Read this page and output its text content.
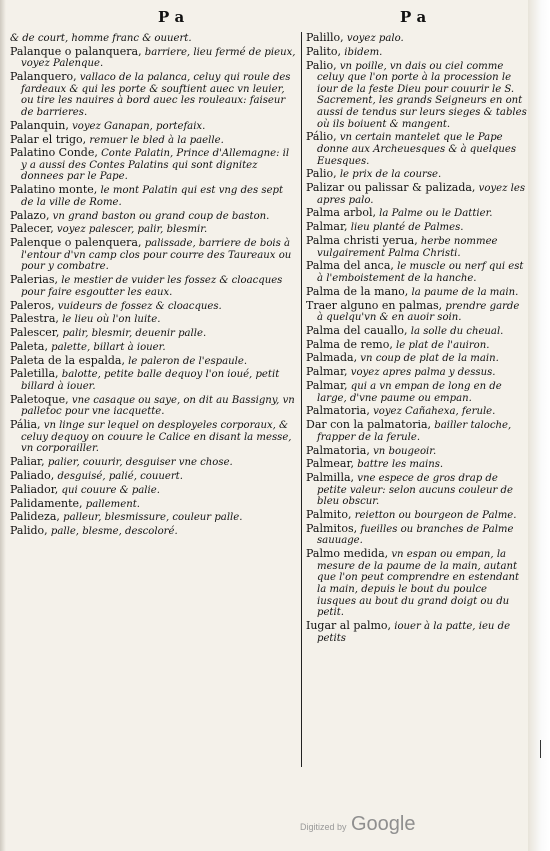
P a	P a
& de court, homme franc & ouuert.
Palanque o palanquera, barriere, lieu fermé de pieux, voyez Palenque.
Palanquero, vallaco de la palanca, celuy qui roule des fardeaux & qui les porte & souftient auec vn leuier, ou tire les nauires à bord auec les rouleaux: faiseur de barrieres.
Palanquin, voyez Ganapan, portefaix.
Palar el trigo, remuer le bled à la paelle.
Palatino Conde, Conte Palatin, Prince d'Allemagne: il y a aussi des Contes Palatins qui sont dignitez donnees par le Pape.
Palatino monte, le mont Palatin qui est vng des sept de la ville de Rome.
Palazo, vn grand baston ou grand coup de baston.
Palecer, voyez palescer, palir, blesmir.
Palenque o palenquera, palissade, barriere de bois à l'entour d'vn camp clos pour courre des Taureaux ou pour y combatre.
Palerias, le mestier de vuider les fossez & cloacques pour faire esgoutter les eaux.
Paleros, vuideurs de fossez & cloacques.
Palestra, le lieu où l'on luite.
Palescer, palir, blesmir, deuenir palle.
Paleta, palette, billart à iouer.
Paleta de la espalda, le paleron de l'espaule.
Paletilla, balotte, petite balle dequoy l'on ioué, petit billard à iouer.
Paletoque, vne casaque ou saye, on dit au Bassigny, vn palletoc pour vne iacquette.
Pália, vn linge sur lequel on desployeles corporaux, & celuy dequoy on couure le Calice en disant la messe, vn corporailler.
Paliar, palier, couurir, desguiser vne chose.
Paliado, desguisé, palié, couuert.
Paliador, qui couure & palie.
Palidamente, pallement.
Palideza, palleur, blesmissure, couleur palle.
Palido, palle, blesme, descoloré.
Palillo, voyez palo.
Palito, ibidem.
Palio, vn poille, vn dais ou ciel comme celuy que l'on porte à la procession le iour de la feste Dieu pour couurir le S. Sacrement, les grands Seigneurs en ont aussi de tendus sur leurs sieges & tables où ils boiuent & mangent.
Pálio, vn certain mantelet que le Pape donne aux Archeuesques & à quelques Euesques.
Palio, le prix de la course.
Palizar ou palissar & palizada, voyez les apres palo.
Palma arbol, la Palme ou le Dattier.
Palmar, lieu planté de Palmes.
Palma christi yerua, herbe nommee vulgairement Palma Christi.
Palma del anca, le muscle ou nerf qui est à l'emboistement de la hanche.
Palma de la mano, la paume de la main.
Traer alguno en palmas, prendre garde à quelqu'vn & en auoir soin.
Palma del cauallo, la solle du cheual.
Palma de remo, le plat de l'auiron.
Palmada, vn coup de plat de la main.
Palmar, voyez apres palma y dessus.
Palmar, qui a vn empan de long en de large, d'vne paume ou empan.
Palmatoria, voyez Cañahexa, ferule.
Dar con la palmatoria, bailler taloche, frapper de la ferule.
Palmatoria, vn bougeoir.
Palmear, battre les mains.
Palmilla, vne espece de gros drap de petite valeur: selon aucuns couleur de bleu obscur.
Palmito, reietton ou bourgeon de Palme.
Palmitos, fueilles ou branches de Palme sauuage.
Palmo medida, vn espan ou empan, la mesure de la paume de la main, autant que l'on peut comprendre en estendant la main, depuis le bout du poulce iusques au bout du grand doigt ou du petit.
Iugar al palmo, iouer à la patte, ieu de petits
Digitized by Google
